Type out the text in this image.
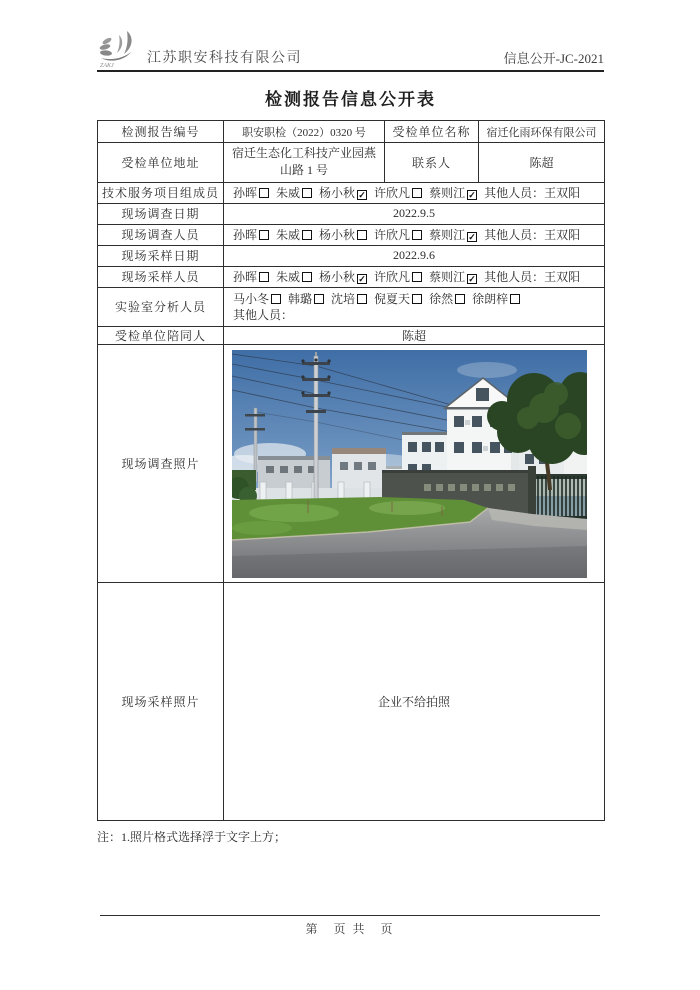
ZAKJ 江苏职安科技有限公司	信息公开-JC-2021
检测报告信息公开表
检测报告编号	职安职检（2022）0320 号	受检单位名称	宿迁化雨环保有限公司
受检单位地址	宿迁生态化工科技产业园燕山路 1 号	联系人	陈超
技术服务项目组成员	孙晖 朱威 杨小秋 ✓ 许欣凡 蔡则江 ✓ 其他人员：王双阳		
现场调查日期	2022.9.5		
现场调查人员	孙晖 朱威 杨小秋 许欣凡 蔡则江 ✓ 其他人员：王双阳		
现场采样日期	2022.9.6		
现场采样人员	孙晖 朱威 杨小秋 ✓ 许欣凡 蔡则江 ✓ 其他人员：王双阳		
实验室分析人员	马小冬 韩璐 沈培 倪夏天 徐然 徐朗梓
其他人员：		

受检单位陪同人	陈超		
现场调查照片	

现场采样照片	企业不给拍照		
注：1.照片格式选择浮于文字上方；
第　页 共　页
